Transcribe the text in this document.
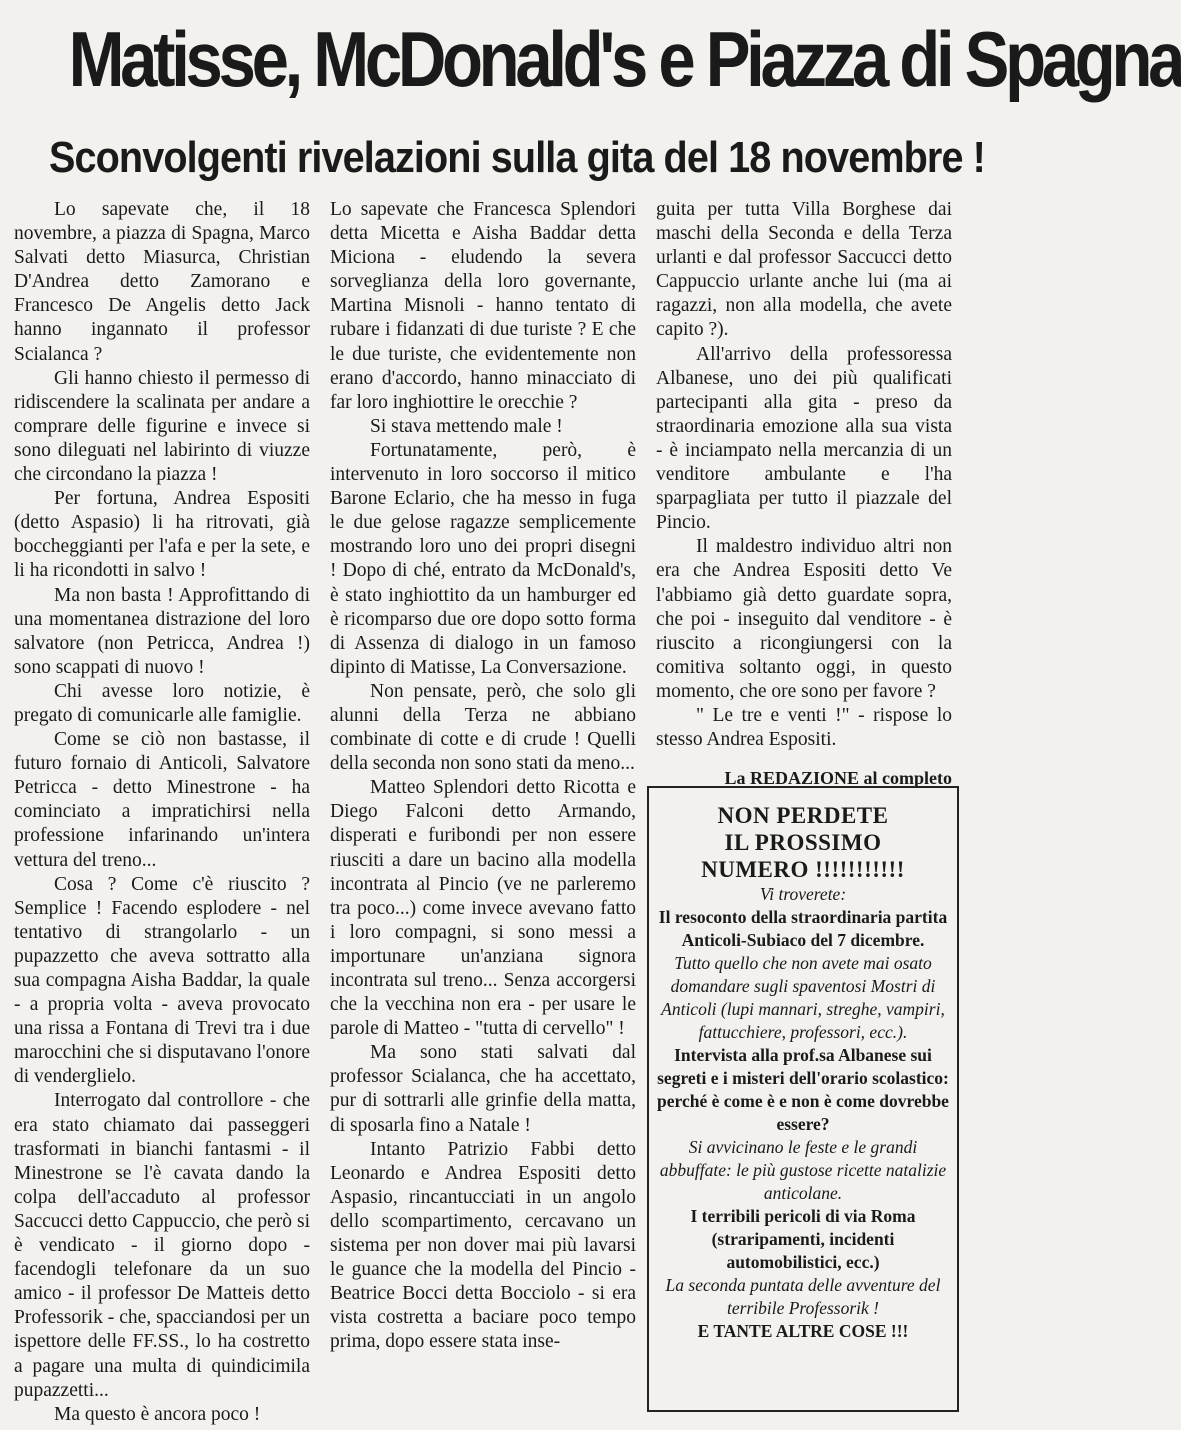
Matisse, McDonald's e Piazza di Spagna
Sconvolgenti rivelazioni sulla gita del 18 novembre !

Lo sapevate che, il 18 novembre, a piazza di Spagna, Marco Salvati detto Miasurca, Christian D'Andrea detto Zamorano e Francesco De Angelis detto Jack hanno ingannato il professor Scialanca ?

Gli hanno chiesto il permesso di ridiscendere la scalinata per andare a comprare delle figurine e invece si sono dileguati nel labirinto di viuzze che circondano la piazza !

Per fortuna, Andrea Espositi (detto Aspasio) li ha ritrovati, già boccheggianti per l'afa e per la sete, e li ha ricondotti in salvo !

Ma non basta ! Approfittando di una momentanea distrazione del loro salvatore (non Petricca, Andrea !) sono scappati di nuovo !

Chi avesse loro notizie, è pregato di comunicarle alle famiglie.

Come se ciò non bastasse, il futuro fornaio di Anticoli, Salvatore Petricca - detto Minestrone - ha cominciato a impratichirsi nella professione infarinando un'intera vettura del treno...

Cosa ? Come c'è riuscito ? Semplice ! Facendo esplodere - nel tentativo di strangolarlo - un pupazzetto che aveva sottratto alla sua compagna Aisha Baddar, la quale - a propria volta - aveva provocato una rissa a Fontana di Trevi tra i due marocchini che si disputavano l'onore di venderglielo.

Interrogato dal controllore - che era stato chiamato dai passeggeri trasformati in bianchi fantasmi - il Minestrone se l'è cavata dando la colpa dell'accaduto al professor Saccucci detto Cappuccio, che però si è vendicato - il giorno dopo - facendogli telefonare da un suo amico - il professor De Matteis detto Professorik - che, spacciandosi per un ispettore delle FF.SS., lo ha costretto a pagare una multa di quindicimila pupazzetti...

Ma questo è ancora poco !

Lo sapevate che Francesca Splendori detta Micetta e Aisha Baddar detta Miciona - eludendo la severa sorveglianza della loro governante, Martina Misnoli - hanno tentato di rubare i fidanzati di due turiste ? E che le due turiste, che evidentemente non erano d'accordo, hanno minacciato di far loro inghiottire le orecchie ?

Si stava mettendo male !

Fortunatamente, però, è intervenuto in loro soccorso il mitico Barone Eclario, che ha messo in fuga le due gelose ragazze semplicemente mostrando loro uno dei propri disegni ! Dopo di ché, entrato da McDonald's, è stato inghiottito da un hamburger ed è ricomparso due ore dopo sotto forma di Assenza di dialogo in un famoso dipinto di Matisse, La Conversazione.

Non pensate, però, che solo gli alunni della Terza ne abbiano combinate di cotte e di crude ! Quelli della seconda non sono stati da meno...

Matteo Splendori detto Ricotta e Diego Falconi detto Armando, disperati e furibondi per non essere riusciti a dare un bacino alla modella incontrata al Pincio (ve ne parleremo tra poco...) come invece avevano fatto i loro compagni, si sono messi a importunare un'anziana signora incontrata sul treno... Senza accorgersi che la vecchina non era - per usare le parole di Matteo - "tutta di cervello" !

Ma sono stati salvati dal professor Scialanca, che ha accettato, pur di sottrarli alle grinfie della matta, di sposarla fino a Natale !

Intanto Patrizio Fabbi detto Leonardo e Andrea Espositi detto Aspasio, rincantucciati in un angolo dello scompartimento, cercavano un sistema per non dover mai più lavarsi le guance che la modella del Pincio - Beatrice Bocci detta Bocciolo - si era vista costretta a baciare poco tempo prima, dopo essere stata inse-

guita per tutta Villa Borghese dai maschi della Seconda e della Terza urlanti e dal professor Saccucci detto Cappuccio urlante anche lui (ma ai ragazzi, non alla modella, che avete capito ?).

All'arrivo della professoressa Albanese, uno dei più qualificati partecipanti alla gita - preso da straordinaria emozione alla sua vista - è inciampato nella mercanzia di un venditore ambulante e l'ha sparpagliata per tutto il piazzale del Pincio.

Il maldestro individuo altri non era che Andrea Espositi detto Ve l'abbiamo già detto guardate sopra, che poi - inseguito dal venditore - è riuscito a ricongiungersi con la comitiva soltanto oggi, in questo momento, che ore sono per favore ?

" Le tre e venti !" - rispose lo stesso Andrea Espositi.

La REDAZIONE al completo
NON PERDETE
IL PROSSIMO
NUMERO !!!!!!!!!!!
Vi troverete:
Il resoconto della straordinaria partita Anticoli-Subiaco del 7 dicembre.
Tutto quello che non avete mai osato domandare sugli spaventosi Mostri di Anticoli (lupi mannari, streghe, vampiri, fattucchiere, professori, ecc.).
Intervista alla prof.sa Albanese sui segreti e i misteri dell'orario scolastico: perché è come è e non è come dovrebbe essere?
Si avvicinano le feste e le grandi abbuffate: le più gustose ricette natalizie anticolane.
I terribili pericoli di via Roma (straripamenti, incidenti automobilistici, ecc.)
La seconda puntata delle avventure del terribile Professorik !
E TANTE ALTRE COSE !!!
